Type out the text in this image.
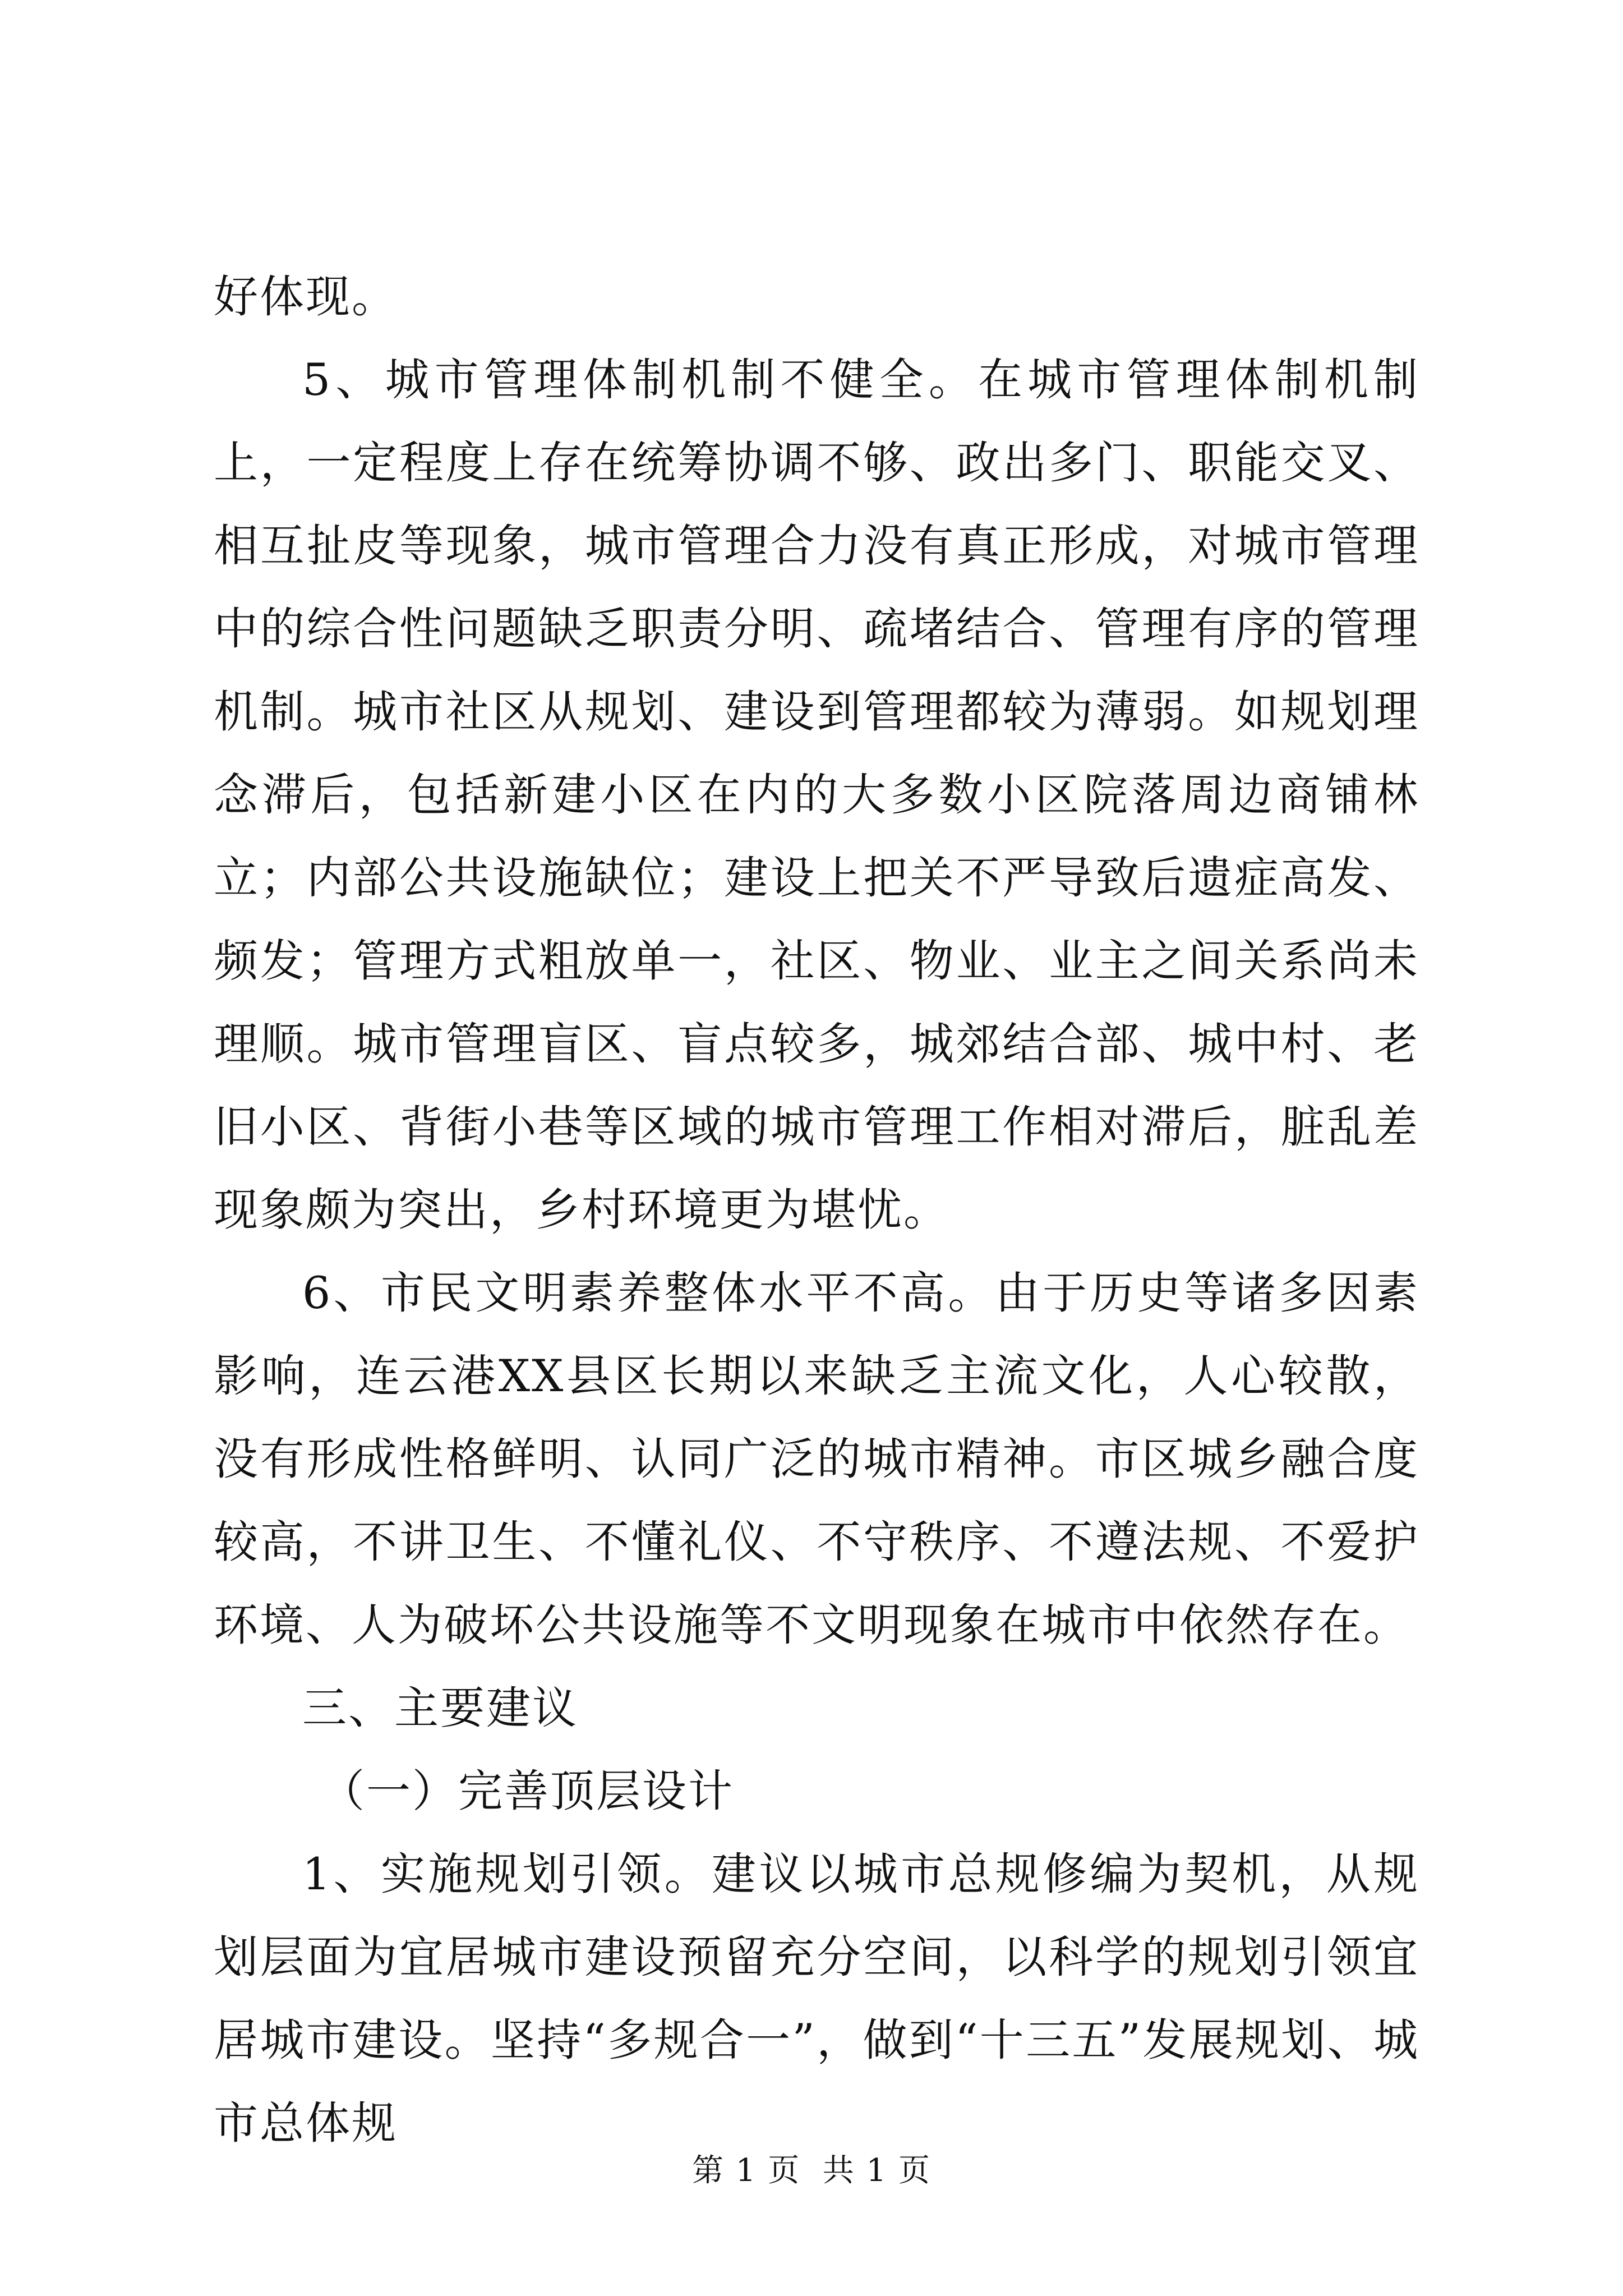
好体现。

5、城市管理体制机制不健全。在城市管理体制机制上，一定程度上存在统筹协调不够、政出多门、职能交叉、相互扯皮等现象，城市管理合力没有真正形成，对城市管理中的综合性问题缺乏职责分明、疏堵结合、管理有序的管理机制。城市社区从规划、建设到管理都较为薄弱。如规划理念滞后，包括新建小区在内的大多数小区院落周边商铺林立；内部公共设施缺位；建设上把关不严导致后遗症高发、频发；管理方式粗放单一，社区、物业、业主之间关系尚未理顺。城市管理盲区、盲点较多，城郊结合部、城中村、老旧小区、背街小巷等区域的城市管理工作相对滞后，脏乱差现象颇为突出，乡村环境更为堪忧。

6、市民文明素养整体水平不高。由于历史等诸多因素影响，连云港XX县区长期以来缺乏主流文化，人心较散，没有形成性格鲜明、认同广泛的城市精神。市区城乡融合度较高，不讲卫生、不懂礼仪、不守秩序、不遵法规、不爱护环境、人为破坏公共设施等不文明现象在城市中依然存在。

三、主要建议

（一）完善顶层设计

1、实施规划引领。建议以城市总规修编为契机，从规划层面为宜居城市建设预留充分空间，以科学的规划引领宜居城市建设。坚持“多规合一”，做到“十三五”发展规划、城市总体规

第 1 页  共 1 页
